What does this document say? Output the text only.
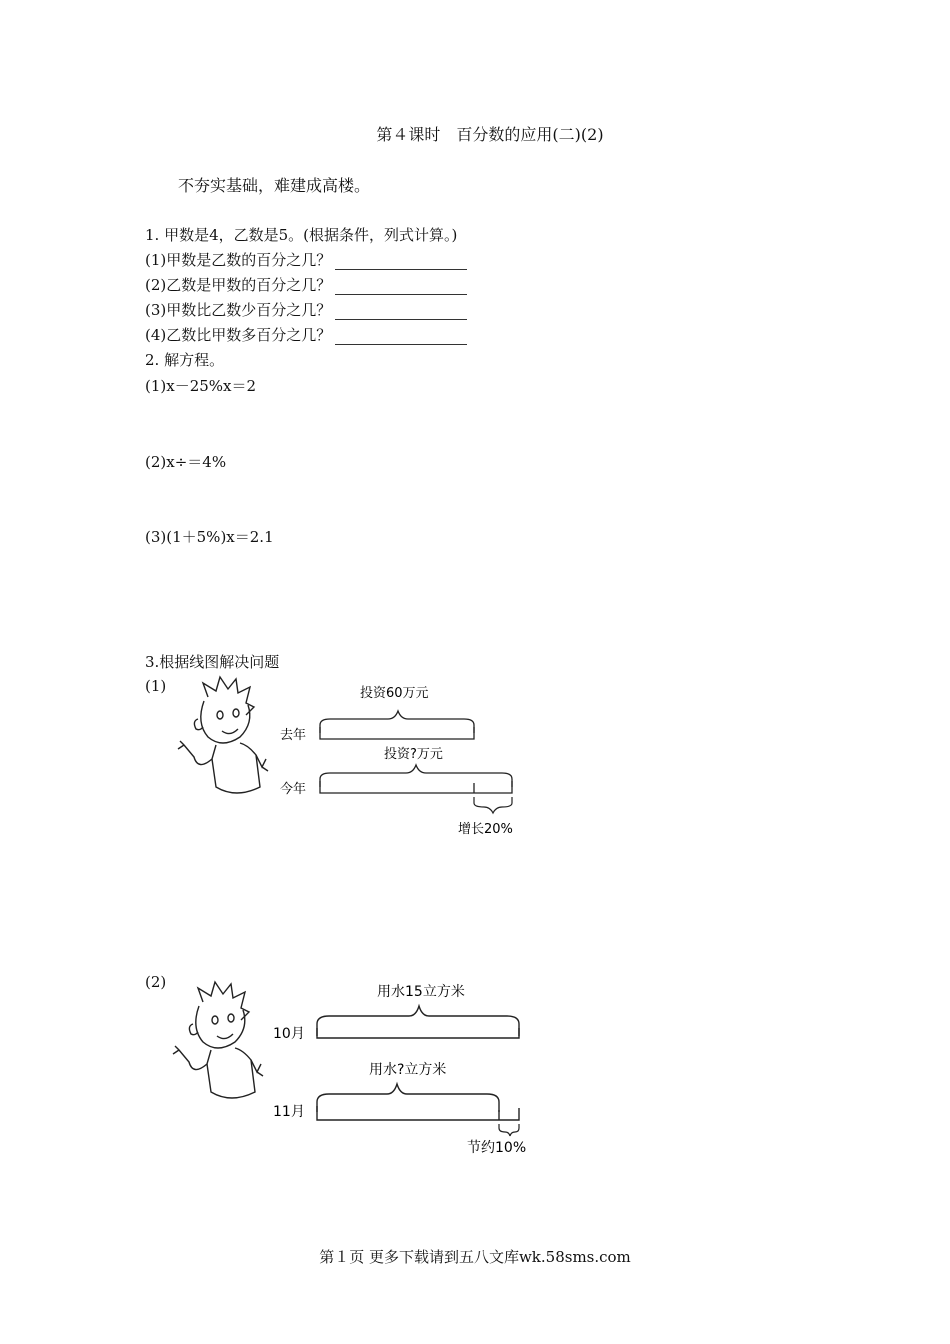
第４课时　百分数的应用(二)(2)
不夯实基础，难建成高楼。
1. 甲数是4，乙数是5。(根据条件，列式计算。)
(1)甲数是乙数的百分之几？
(2)乙数是甲数的百分之几？
(3)甲数比乙数少百分之几？
(4)乙数比甲数多百分之几？
2. 解方程。
(1)x－25%x＝2
(2)x÷＝4%
(3)(1＋5%)x＝2.1
3.根据线图解决问题
(1)
(2)
投资60万元
去年
投资?万元
今年
增长20%
用水15立方米
10月
用水?立方米
11月
节约10%
第１页 更多下载请到五八文库wk.58sms.com
